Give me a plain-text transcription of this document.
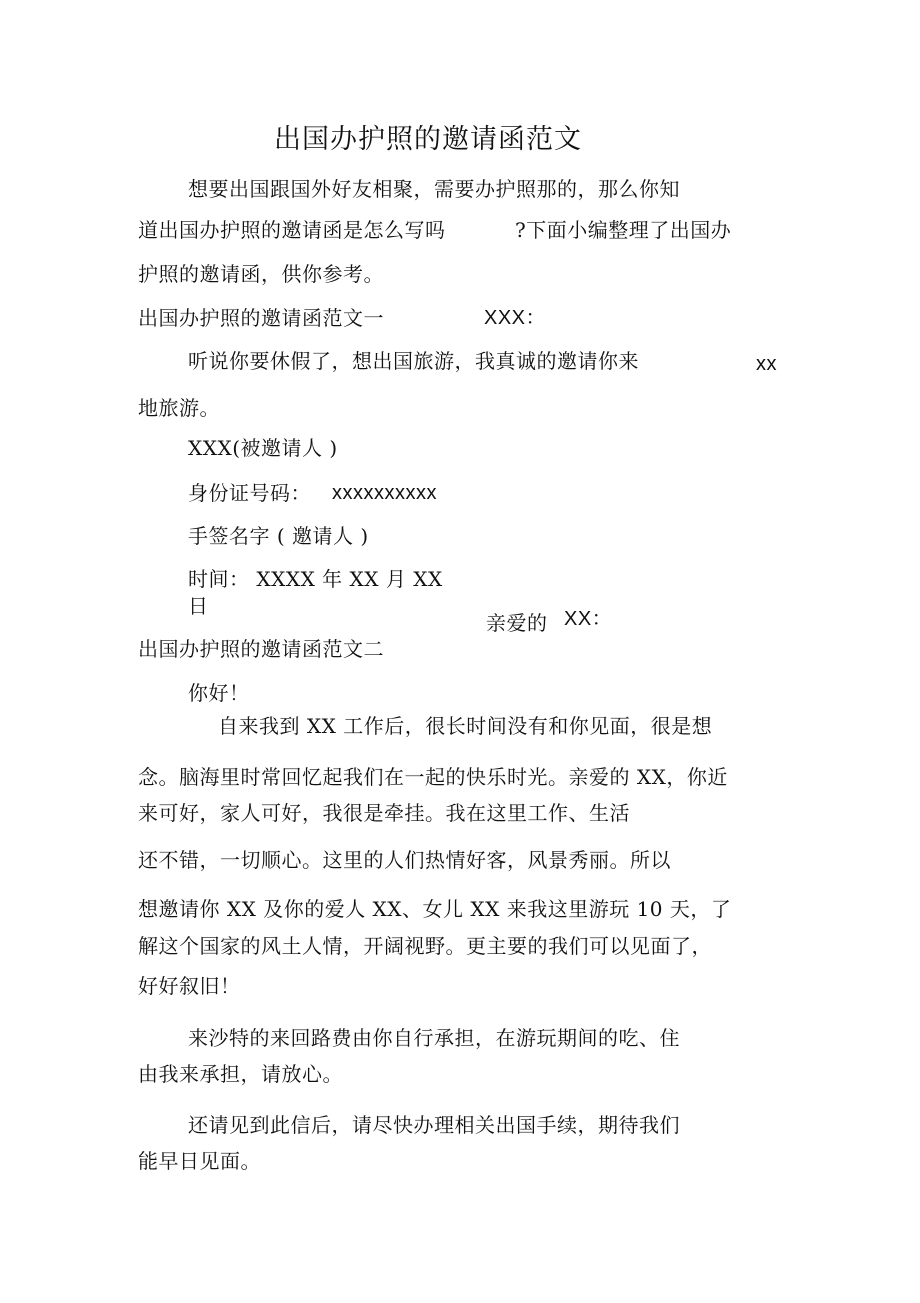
出国办护照的邀请函范文
想要出国跟国外好友相聚，需要办护照那的，那么你知
道出国办护照的邀请函是怎么写吗	?下面小编整理了出国办
护照的邀请函，供你参考。
出国办护照的邀请函范文一	XXX：
听说你要休假了，想出国旅游，我真诚的邀请你来	xx
地旅游。
XXX(被邀请人 )
身份证号码： xxxxxxxxxx
手签名字 ( 邀请人 )
时间： XXXX 年 XX 月 XX
日
亲爱的 XX：
出国办护照的邀请函范文二
你好！
自来我到 XX 工作后，很长时间没有和你见面，很是想
念。脑海里时常回忆起我们在一起的快乐时光。亲爱的 XX，你近
来可好，家人可好，我很是牵挂。我在这里工作、生活
还不错，一切顺心。这里的人们热情好客，风景秀丽。所以
想邀请你 XX 及你的爱人 XX、女儿 XX 来我这里游玩 10 天，了
解这个国家的风土人情，开阔视野。更主要的我们可以见面了，
好好叙旧！
来沙特的来回路费由你自行承担，在游玩期间的吃、住
由我来承担，请放心。
还请见到此信后，请尽快办理相关出国手续，期待我们
能早日见面。
